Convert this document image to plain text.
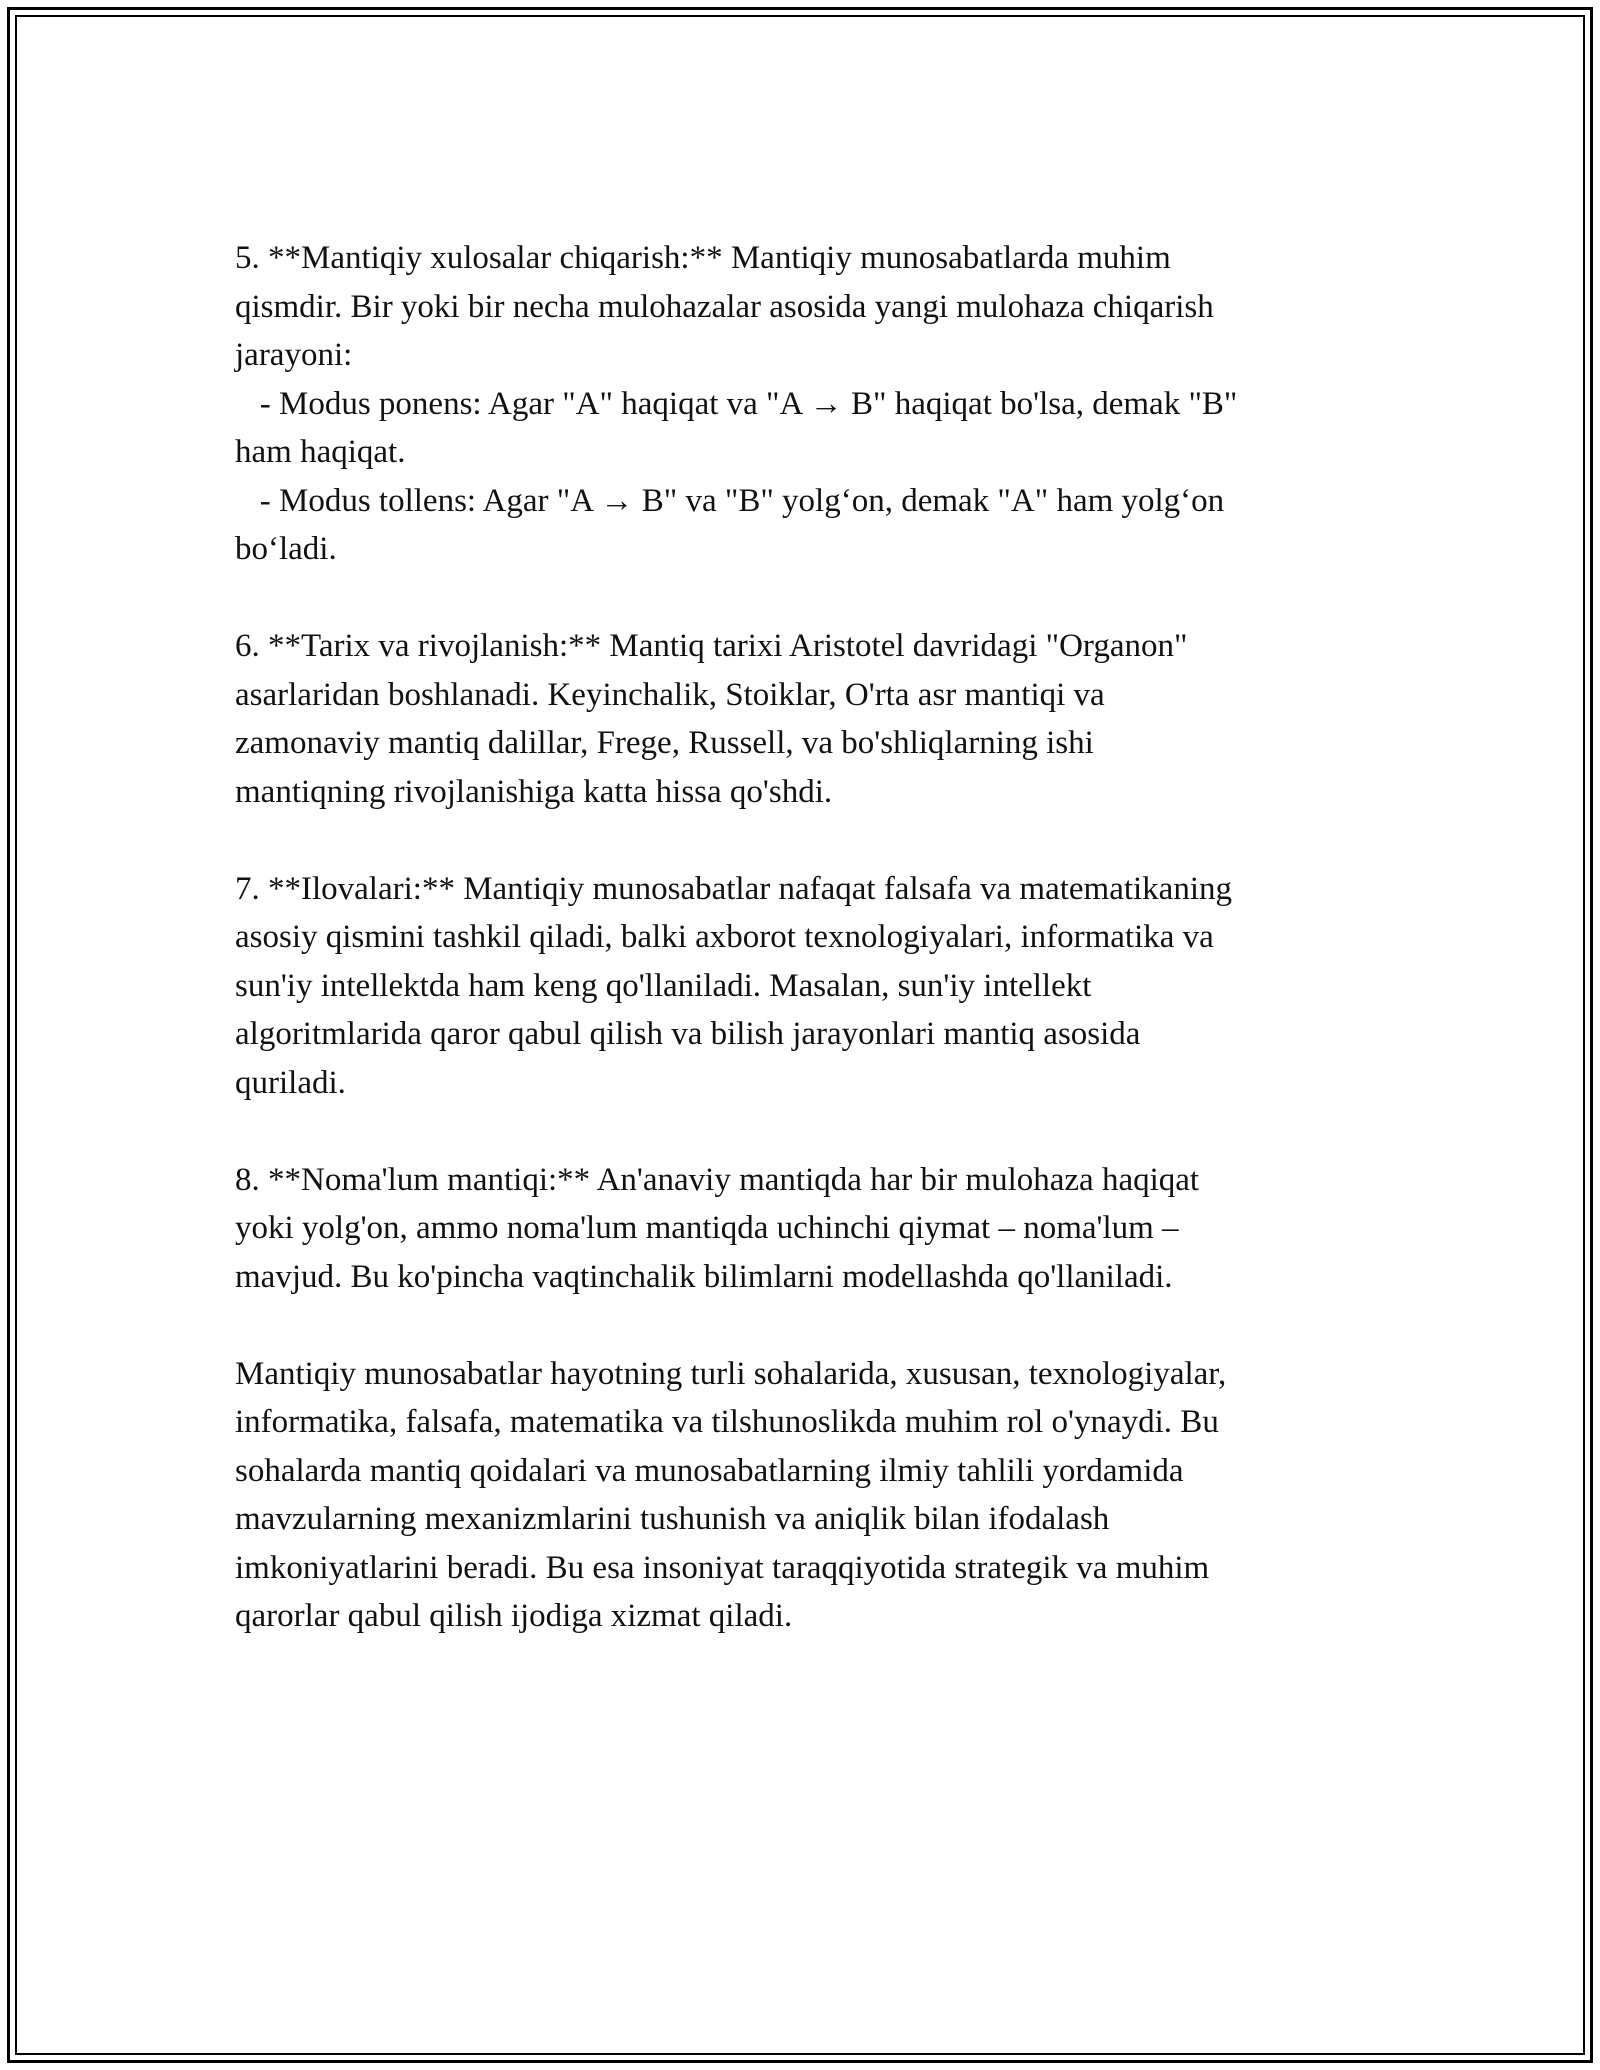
5. **Mantiqiy xulosalar chiqarish:** Mantiqiy munosabatlarda muhim
qismdir. Bir yoki bir necha mulohazalar asosida yangi mulohaza chiqarish
jarayoni:
- Modus ponens: Agar "A" haqiqat va "A → B" haqiqat bo'lsa, demak "B"
ham haqiqat.
- Modus tollens: Agar "A → B" va "B" yolg‘on, demak "A" ham yolg‘on
bo‘ladi.
6. **Tarix va rivojlanish:** Mantiq tarixi Aristotel davridagi "Organon"
asarlaridan boshlanadi. Keyinchalik, Stoiklar, O'rta asr mantiqi va
zamonaviy mantiq dalillar, Frege, Russell, va bo'shliqlarning ishi
mantiqning rivojlanishiga katta hissa qo'shdi.
7. **Ilovalari:** Mantiqiy munosabatlar nafaqat falsafa va matematikaning
asosiy qismini tashkil qiladi, balki axborot texnologiyalari, informatika va
sun'iy intellektda ham keng qo'llaniladi. Masalan, sun'iy intellekt
algoritmlarida qaror qabul qilish va bilish jarayonlari mantiq asosida
quriladi.
8. **Noma'lum mantiqi:** An'anaviy mantiqda har bir mulohaza haqiqat
yoki yolg'on, ammo noma'lum mantiqda uchinchi qiymat – noma'lum –
mavjud. Bu ko'pincha vaqtinchalik bilimlarni modellashda qo'llaniladi.
Mantiqiy munosabatlar hayotning turli sohalarida, xususan, texnologiyalar,
informatika, falsafa, matematika va tilshunoslikda muhim rol o'ynaydi. Bu
sohalarda mantiq qoidalari va munosabatlarning ilmiy tahlili yordamida
mavzularning mexanizmlarini tushunish va aniqlik bilan ifodalash
imkoniyatlarini beradi. Bu esa insoniyat taraqqiyotida strategik va muhim
qarorlar qabul qilish ijodiga xizmat qiladi.
